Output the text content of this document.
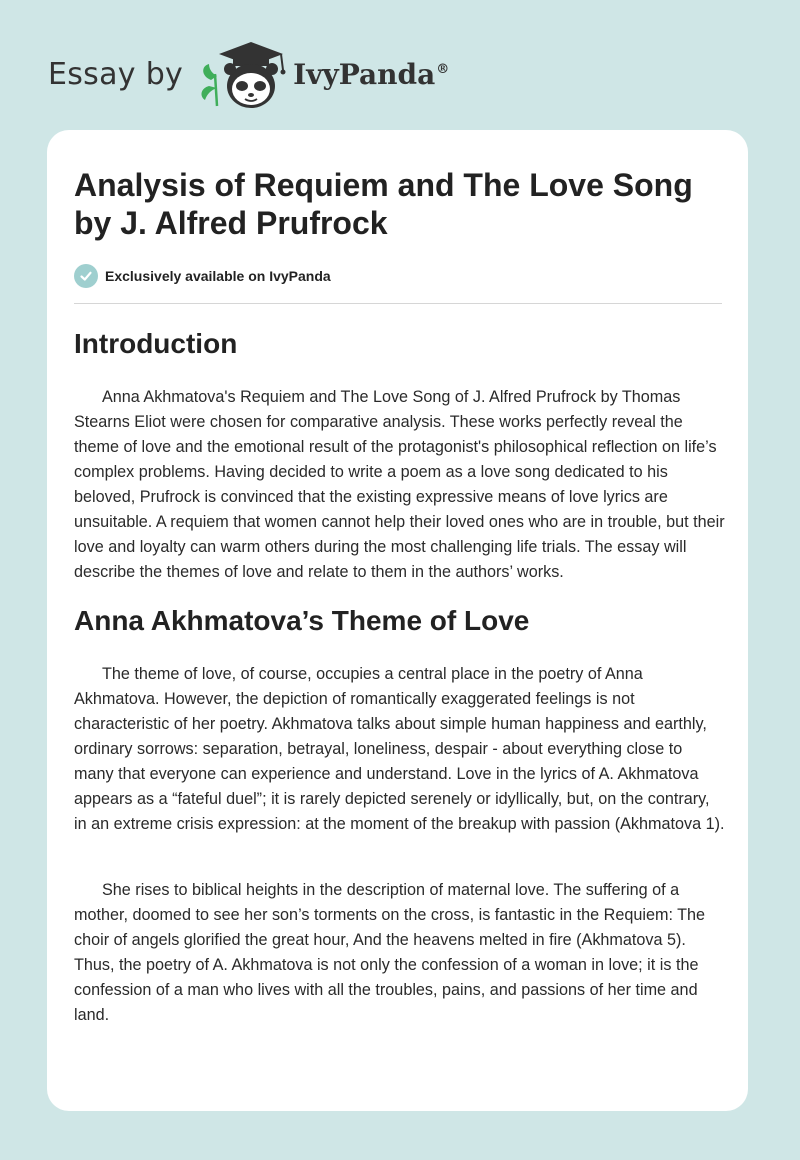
Essay by	IvyPanda®
Analysis of Requiem and The Love Song by J. Alfred Prufrock
Exclusively available on IvyPanda
Introduction

Anna Akhmatova's Requiem and The Love Song of J. Alfred Prufrock by Thomas Stearns Eliot were chosen for comparative analysis. These works perfectly reveal the theme of love and the emotional result of the protagonist's philosophical reflection on life’s complex problems. Having decided to write a poem as a love song dedicated to his beloved, Prufrock is convinced that the existing expressive means of love lyrics are unsuitable. A requiem that women cannot help their loved ones who are in trouble, but their love and loyalty can warm others during the most challenging life trials. The essay will describe the themes of love and relate to them in the authors’ works.

Anna Akhmatova’s Theme of Love

The theme of love, of course, occupies a central place in the poetry of Anna Akhmatova. However, the depiction of romantically exaggerated feelings is not characteristic of her poetry. Akhmatova talks about simple human happiness and earthly, ordinary sorrows: separation, betrayal, loneliness, despair - about everything close to many that everyone can experience and understand. Love in the lyrics of A. Akhmatova appears as a “fateful duel”; it is rarely depicted serenely or idyllically, but, on the contrary, in an extreme crisis expression: at the moment of the breakup with passion (Akhmatova 1).

She rises to biblical heights in the description of maternal love. The suffering of a mother, doomed to see her son’s torments on the cross, is fantastic in the Requiem: The choir of angels glorified the great hour, And the heavens melted in fire (Akhmatova 5). Thus, the poetry of A. Akhmatova is not only the confession of a woman in love; it is the confession of a man who lives with all the troubles, pains, and passions of her time and land.
